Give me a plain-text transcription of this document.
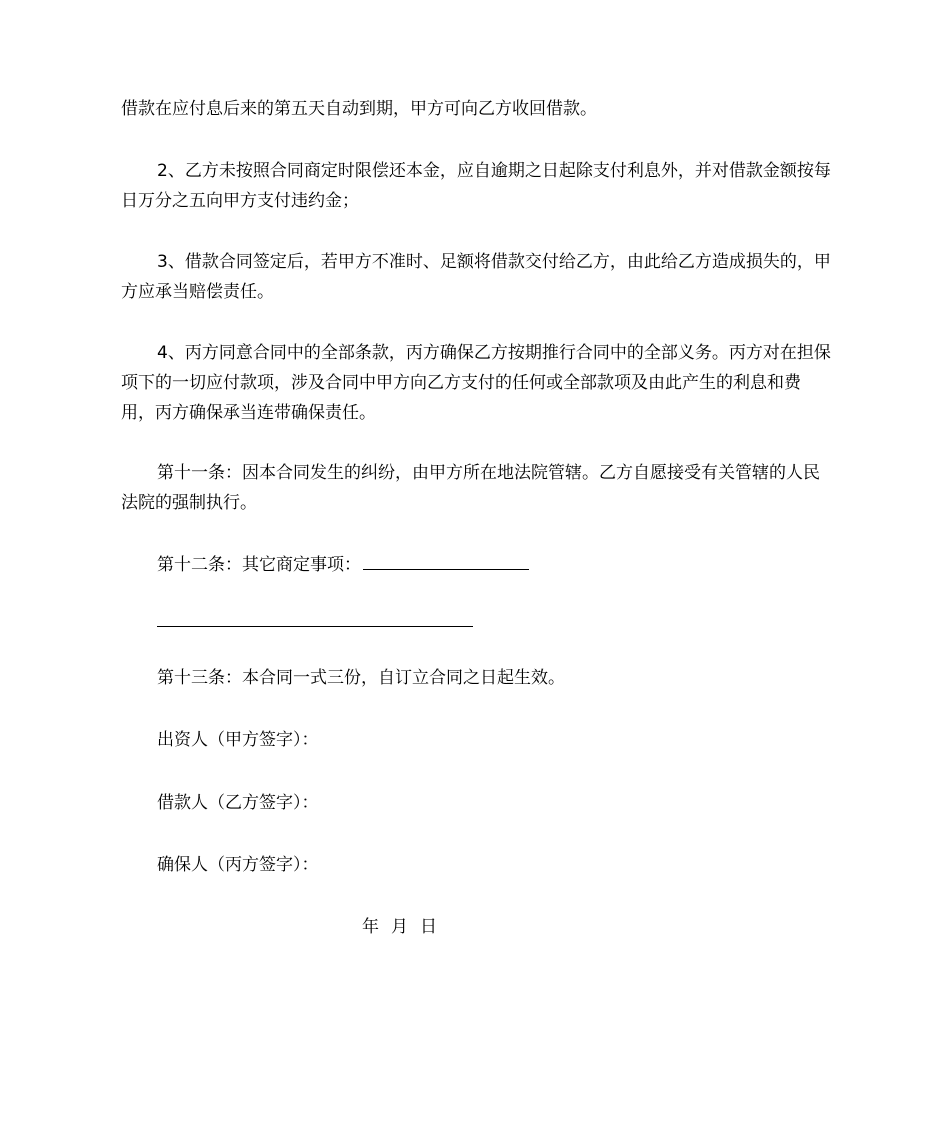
借款在应付息后来的第五天自动到期，甲方可向乙方收回借款。

2、乙方未按照合同商定时限偿还本金，应自逾期之日起除支付利息外，并对借款金额按每日万分之五向甲方支付违约金；

3、借款合同签定后，若甲方不准时、足额将借款交付给乙方，由此给乙方造成损失的，甲方应承当赔偿责任。

4、丙方同意合同中的全部条款，丙方确保乙方按期推行合同中的全部义务。丙方对在担保项下的一切应付款项，涉及合同中甲方向乙方支付的任何或全部款项及由此产生的利息和费用，丙方确保承当连带确保责任。

第十一条：因本合同发生的纠纷，由甲方所在地法院管辖。乙方自愿接受有关管辖的人民法院的强制执行。

第十二条：其它商定事项：

第十三条：本合同一式三份，自订立合同之日起生效。

出资人（甲方签字）：

借款人（乙方签字）：

确保人（丙方签字）：

年 月 日
